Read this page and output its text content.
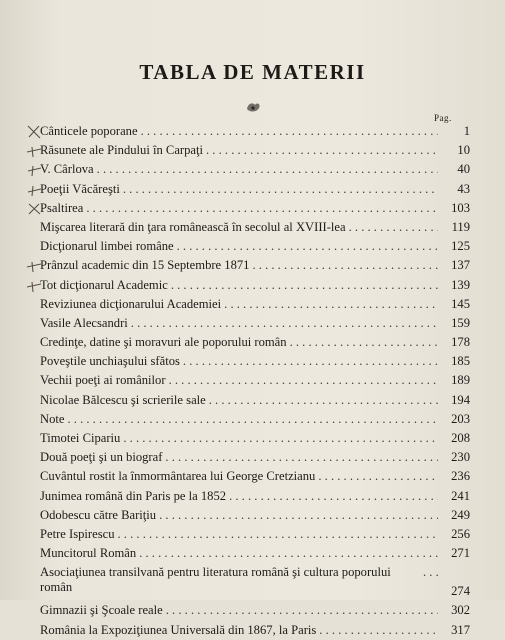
TABLA DE MATERII
Pag.
Cânticele poporane . . .	1
Răsunete ale Pindului în Carpaţi . . .	10
V. Cârlova . . .	40
Poeţii Văcăreşti . . .	43
Psaltirea . . .	103
Mişcarea literară din ţara românească în secolul al XVIII-lea . . .	119
Dicţionarul limbei române . . .	125
Prânzul academic din 15 Septembre 1871 . . .	137
Tot dicţionarul Academic . . .	139
Reviziunea dicţionarului Academiei . . .	145
Vasile Alecsandri . . .	159
Credinţe, datine şi moravuri ale poporului român . . .	178
Poveştile unchiaşului sfătos . . .	185
Vechii poeţi ai românilor . . .	189
Nicolae Bălcescu şi scrierile sale . . .	194
Note . . .	203
Timotei Cipariu . . .	208
Două poeţi şi un biograf . . .	230
Cuvântul rostit la înmormântarea lui George Cretzianu . . .	236
Junimea română din Paris pe la 1852 . . .	241
Odobescu către Bariţiu . . .	249
Petre Ispirescu . . .	256
Muncitorul Român . . .	271
Asociaţiunea transilvană pentru literatura română şi cultura poporului român
. . .	274
Gimnazii şi Şcoale reale . . .	302
România la Expoziţiunea Universală din 1867, la Paris . . .	317
